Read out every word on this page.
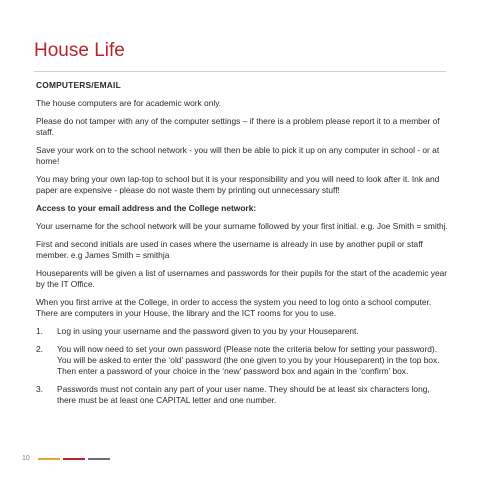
House Life

COMPUTERS/EMAIL

The house computers are for academic work only.

Please do not tamper with any of the computer settings – if there is a problem please report it to a member of staff.

Save your work on to the school network - you will then be able to pick it up on any computer in school - or at home!

You may bring your own lap-top to school but it is your responsibility and you will need to look after it. Ink and paper are expensive - please do not waste them by printing out unnecessary stuff!

Access to your email address and the College network:

Your username for the school network will be your surname followed by your first initial. e.g. Joe Smith = smithj.

First and second initials are used in cases where the username is already in use by another pupil or staff member. e.g James Smith = smithja

Houseparents will be given a list of usernames and passwords for their pupils for the start of the academic year by the IT Office.

When you first arrive at the College, in order to access the system you need to log onto a school computer. There are computers in your House, the library and the ICT rooms for you to use.

1.	Log in using your username and the password given to you by your Houseparent.
2.	You will now need to set your own password (Please note the criteria below for setting your password). You will be asked to enter the ‘old’ password (the one given to you by your Houseparent) in the top box. Then enter a password of your choice in the ‘new’ password box and again in the ‘confirm’ box.
3.	Passwords must not contain any part of your user name. They should be at least six characters long, there must be at least one CAPITAL letter and one number.
10
